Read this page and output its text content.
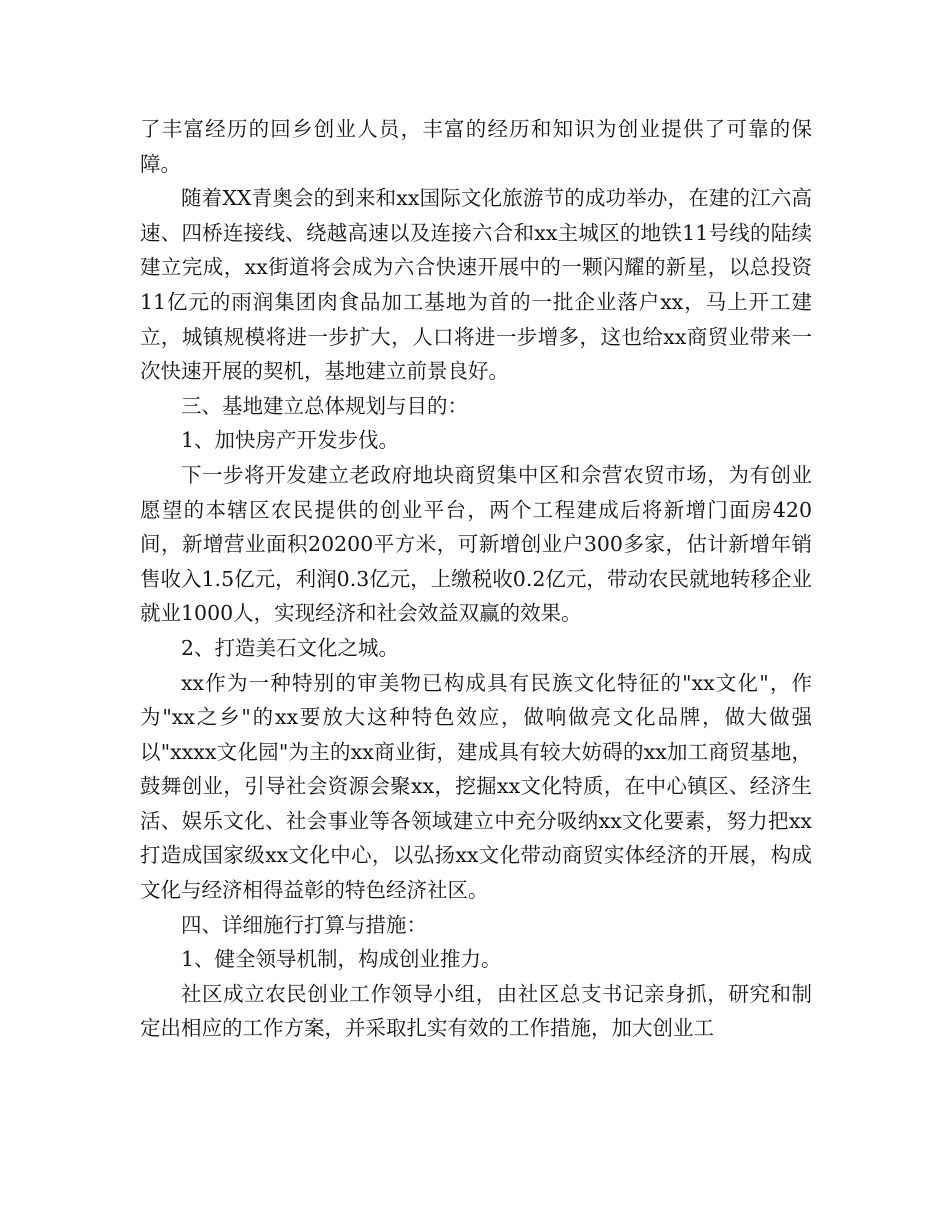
了丰富经历的回乡创业人员，丰富的经历和知识为创业提供了可靠的保障。

随着XX青奥会的到来和xx国际文化旅游节的成功举办，在建的江六高速、四桥连接线、绕越高速以及连接六合和xx主城区的地铁11号线的陆续建立完成，xx街道将会成为六合快速开展中的一颗闪耀的新星，以总投资11亿元的雨润集团肉食品加工基地为首的一批企业落户xx，马上开工建立，城镇规模将进一步扩大，人口将进一步增多，这也给xx商贸业带来一次快速开展的契机，基地建立前景良好。

三、基地建立总体规划与目的：

1、加快房产开发步伐。

下一步将开发建立老政府地块商贸集中区和佘营农贸市场，为有创业愿望的本辖区农民提供的创业平台，两个工程建成后将新增门面房420间，新增营业面积20200平方米，可新增创业户300多家，估计新增年销售收入1.5亿元，利润0.3亿元，上缴税收0.2亿元，带动农民就地转移企业就业1000人，实现经济和社会效益双赢的效果。

2、打造美石文化之城。

xx作为一种特别的审美物已构成具有民族文化特征的"xx文化"，作为"xx之乡"的xx要放大这种特色效应，做响做亮文化品牌，做大做强以"xxxx文化园"为主的xx商业街，建成具有较大妨碍的xx加工商贸基地，鼓舞创业，引导社会资源会聚xx，挖掘xx文化特质，在中心镇区、经济生活、娱乐文化、社会事业等各领域建立中充分吸纳xx文化要素，努力把xx打造成国家级xx文化中心，以弘扬xx文化带动商贸实体经济的开展，构成文化与经济相得益彰的特色经济社区。

四、详细施行打算与措施：

1、健全领导机制，构成创业推力。

社区成立农民创业工作领导小组，由社区总支书记亲身抓，研究和制定出相应的工作方案，并采取扎实有效的工作措施，加大创业工
